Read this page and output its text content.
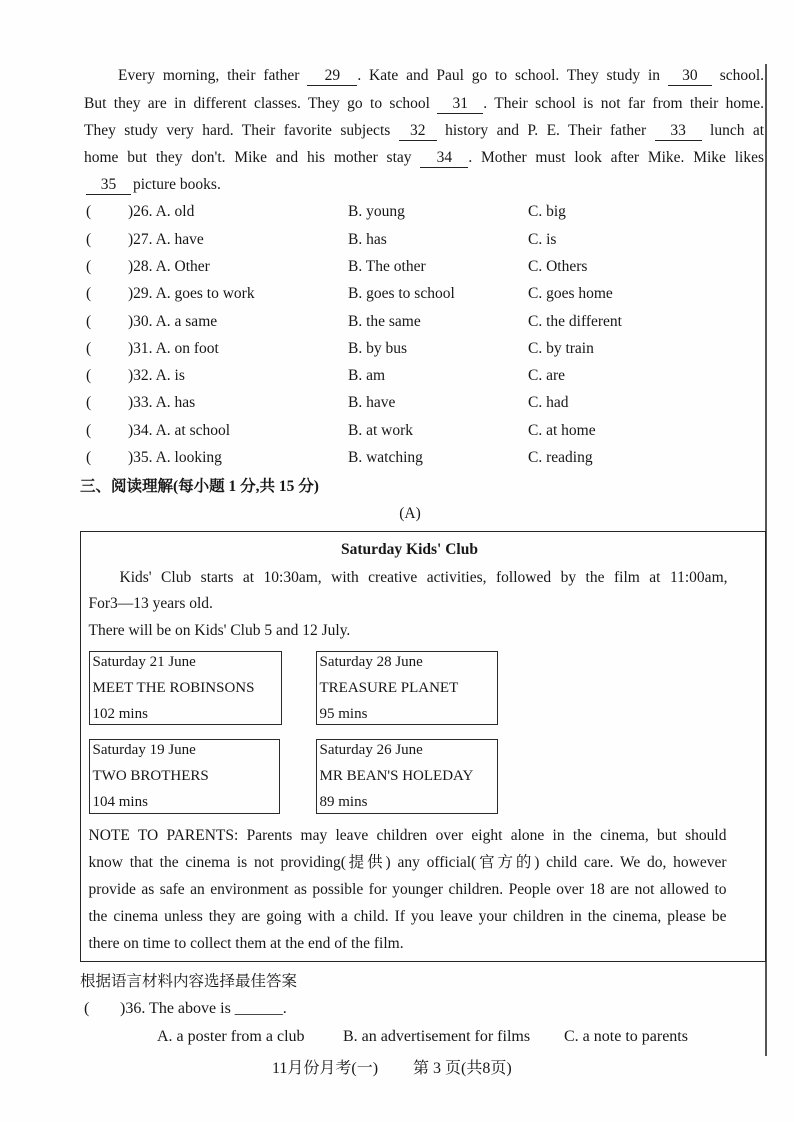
Every morning, their father 29 . Kate and Paul go to school. They study in 30 school.
But they are in different classes. They go to school 31 . Their school is not far from their home.
They study very hard. Their favorite subjects 32 history and P. E. Their father 33 lunch at
home but they don't. Mike and his mother stay 34 . Mother must look after Mike. Mike likes
35 picture books.
( )26. A. old	B. young	C. big
( )27. A. have	B. has	C. is
( )28. A. Other	B. The other	C. Others
( )29. A. goes to work	B. goes to school	C. goes home
( )30. A. a same	B. the same	C. the different
( )31. A. on foot	B. by bus	C. by train
( )32. A. is	B. am	C. are
( )33. A. has	B. have	C. had
( )34. A. at school	B. at work	C. at home
( )35. A. looking	B. watching	C. reading
三、阅读理解(每小题 1 分,共 15 分)
(A)
Saturday Kids' Club
Kids' Club starts at 10:30am, with creative activities, followed by the film at 11:00am,
For3—13 years old.
There will be on Kids' Club 5 and 12 July.
Saturday 21 June
MEET THE ROBINSONS
102 mins
Saturday 28 June
TREASURE PLANET
95 mins
Saturday 19 June
TWO BROTHERS
104 mins
Saturday 26 June
MR BEAN'S HOLEDAY
89 mins
NOTE TO PARENTS: Parents may leave children over eight alone in the cinema, but should
know that the cinema is not providing(提供) any official(官方的) child care. We do, however
provide as safe an environment as possible for younger children. People over 18 are not allowed to
the cinema unless they are going with a child. If you leave your children in the cinema, please be
there on time to collect them at the end of the film.
根据语言材料内容选择最佳答案
( )36. The above is ______.
A. a poster from a club B. an advertisement for films C. a note to parents
11月份月考(一) 第 3 页(共8页)
